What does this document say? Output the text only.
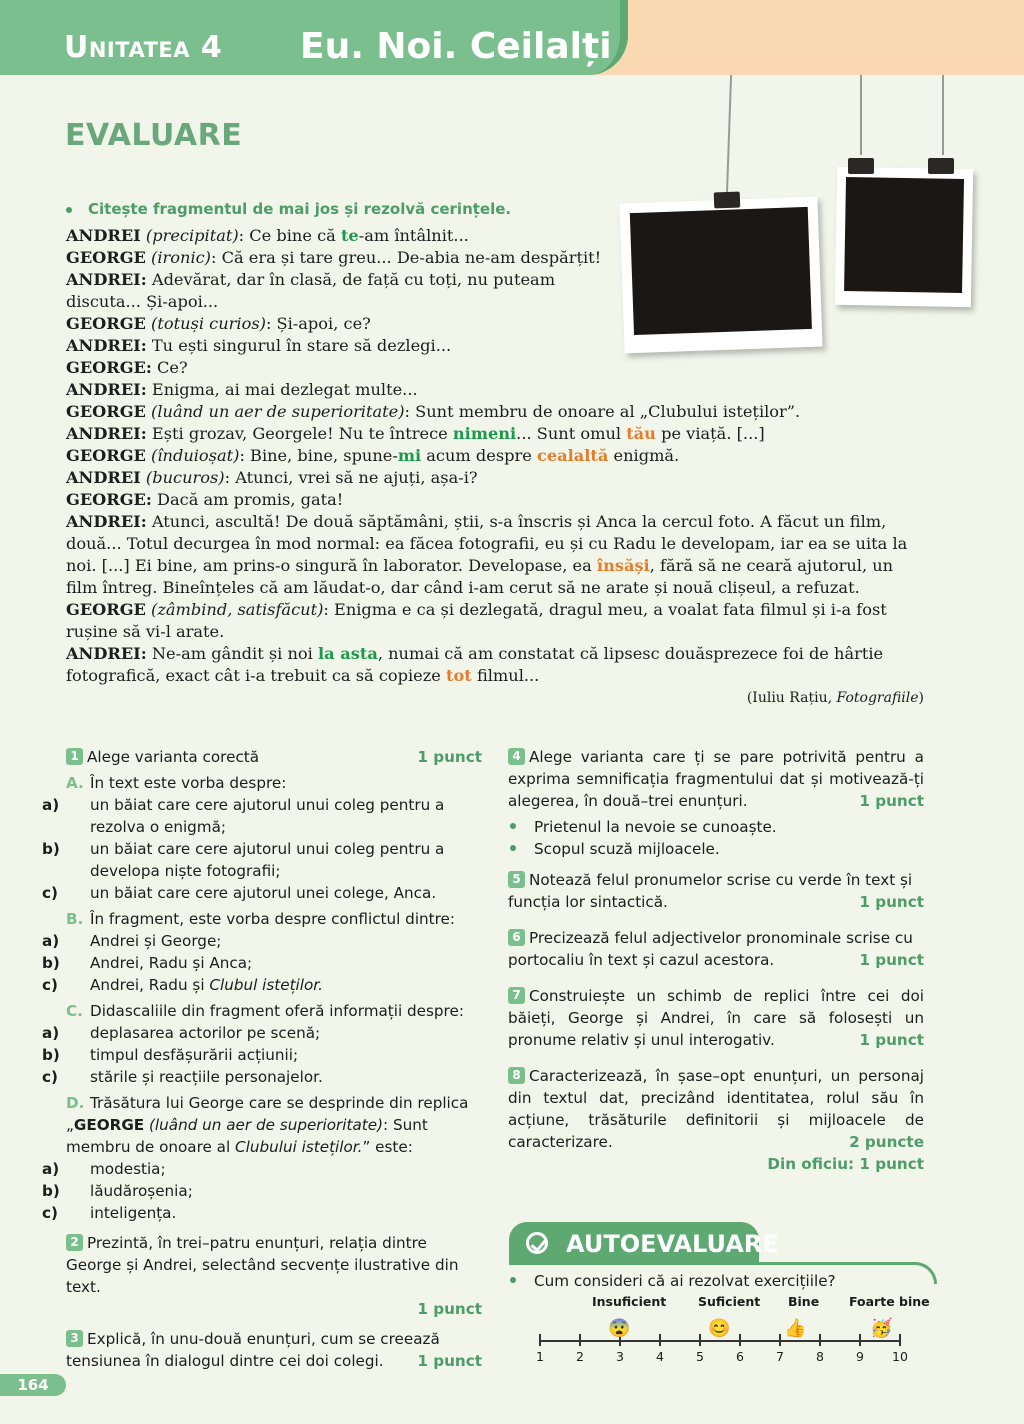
Unitatea 4 Eu. Noi. Ceilalți
EVALUARE
Citește fragmentul de mai jos și rezolvă cerințele.
ANDREI (precipitat): Ce bine că te-am întâlnit...
GEORGE (ironic): Că era și tare greu... De-abia ne-am despărțit!
ANDREI: Adevărat, dar în clasă, de față cu toți, nu puteam discuta... Și-apoi...
GEORGE (totuși curios): Și-apoi, ce?
ANDREI: Tu ești singurul în stare să dezlegi...
GEORGE: Ce?
ANDREI: Enigma, ai mai dezlegat multe...
GEORGE (luând un aer de superioritate): Sunt membru de onoare al „Clubului isteților”.
ANDREI: Ești grozav, Georgele! Nu te întrece nimeni... Sunt omul tău pe viață. [...]
GEORGE (înduioșat): Bine, bine, spune-mi acum despre cealaltă enigmă.
ANDREI (bucuros): Atunci, vrei să ne ajuți, așa-i?
GEORGE: Dacă am promis, gata!
ANDREI: Atunci, ascultă! De două săptămâni, știi, s-a înscris și Anca la cercul foto. A făcut un film, două... Totul decurgea în mod normal: ea făcea fotografii, eu și cu Radu le developam, iar ea se uita la noi. [...] Ei bine, am prins-o singură în laborator. Developase, ea însăși, fără să ne ceară ajutorul, un film întreg. Bineînțeles că am lăudat-o, dar când i-am cerut să ne arate și nouă clișeul, a refuzat.
GEORGE (zâmbind, satisfăcut): Enigma e ca și dezlegată, dragul meu, a voalat fata filmul și i-a fost rușine să vi-l arate.
ANDREI: Ne-am gândit și noi la asta, numai că am constatat că lipsesc douăsprezece foi de hârtie fotografică, exact cât i-a trebuit ca să copieze tot filmul...
(Iuliu Rațiu, Fotografiile)
1 Alege varianta corectă	1 punct
A. În text este vorba despre:
a) un băiat care cere ajutorul unui coleg pentru a rezolva o enigmă;
b) un băiat care cere ajutorul unui coleg pentru a developa niște fotografii;
c) un băiat care cere ajutorul unei colege, Anca.
B. În fragment, este vorba despre conflictul dintre:
a) Andrei și George;
b) Andrei, Radu și Anca;
c) Andrei, Radu și Clubul isteților.
C. Didascaliile din fragment oferă informații despre:
a) deplasarea actorilor pe scenă;
b) timpul desfășurării acțiunii;
c) stările și reacțiile personajelor.
D. Trăsătura lui George care se desprinde din replica „GEORGE (luând un aer de superioritate): Sunt membru de onoare al Clubului isteților.” este:
a) modestia;
b) lăudăroșenia;
c) inteligența.
2 Prezintă, în trei–patru enunțuri, relația dintre George și Andrei, selectând secvențe ilustrative din text.
1 punct
3 Explică, în unu-două enunțuri, cum se creează tensiunea în dialogul dintre cei doi colegi. 1 punct
4 Alege varianta care ți se pare potrivită pentru a exprima semnificația fragmentului dat și motivează-ți alegerea, în două–trei enunțuri.	1 punct
Prietenul la nevoie se cunoaște.
Scopul scuză mijloacele.
5 Notează felul pronumelor scrise cu verde în text și funcția lor sintactică.	1 punct
6 Precizează felul adjectivelor pronominale scrise cu portocaliu în text și cazul acestora.	1 punct
7 Construiește un schimb de replici între cei doi băieți, George și Andrei, în care să folosești un pronume relativ și unul interogativ.	1 punct
8 Caracterizează, în șase–opt enunțuri, un personaj din textul dat, precizând identitatea, rolul său în acțiune, trăsăturile definitorii și mijloacele de caracterizare.	2 puncte
Din oficiu: 1 punct
AUTOEVALUARE
Cum consideri că ai rezolvat exercițiile?
Insuficient	Suficient Bine Foarte bine
1	2	3	4	5	6	7	8	9	10
😨	😊	👍	🥳
164
